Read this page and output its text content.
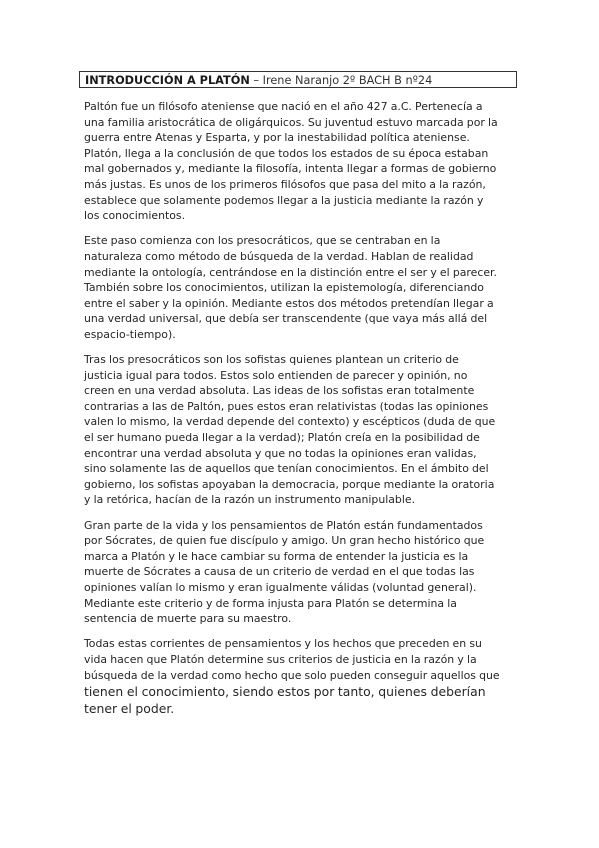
INTRODUCCIÓN A PLATÓN – Irene Naranjo 2º BACH B nº24

Paltón fue un filósofo ateniense que nació en el año 427 a.C. Pertenecía a
una familia aristocrática de oligárquicos. Su juventud estuvo marcada por la
guerra entre Atenas y Esparta, y por la inestabilidad política ateniense.
Platón, llega a la conclusión de que todos los estados de su época estaban
mal gobernados y, mediante la filosofía, intenta llegar a formas de gobierno
más justas. Es unos de los primeros filósofos que pasa del mito a la razón,
establece que solamente podemos llegar a la justicia mediante la razón y
los conocimientos.

Este paso comienza con los presocráticos, que se centraban en la
naturaleza como método de búsqueda de la verdad. Hablan de realidad
mediante la ontología, centrándose en la distinción entre el ser y el parecer.
También sobre los conocimientos, utilizan la epistemología, diferenciando
entre el saber y la opinión. Mediante estos dos métodos pretendían llegar a
una verdad universal, que debía ser transcendente (que vaya más allá del
espacio-tiempo).

Tras los presocráticos son los sofistas quienes plantean un criterio de
justicia igual para todos. Estos solo entienden de parecer y opinión, no
creen en una verdad absoluta. Las ideas de los sofistas eran totalmente
contrarias a las de Paltón, pues estos eran relativistas (todas las opiniones
valen lo mismo, la verdad depende del contexto) y escépticos (duda de que
el ser humano pueda llegar a la verdad); Platón creía en la posibilidad de
encontrar una verdad absoluta y que no todas la opiniones eran validas,
sino solamente las de aquellos que tenían conocimientos. En el ámbito del
gobierno, los sofistas apoyaban la democracia, porque mediante la oratoria
y la retórica, hacían de la razón un instrumento manipulable.

Gran parte de la vida y los pensamientos de Platón están fundamentados
por Sócrates, de quien fue discípulo y amigo. Un gran hecho histórico que
marca a Platón y le hace cambiar su forma de entender la justicia es la
muerte de Sócrates a causa de un criterio de verdad en el que todas las
opiniones valían lo mismo y eran igualmente válidas (voluntad general).
Mediante este criterio y de forma injusta para Platón se determina la
sentencia de muerte para su maestro.

Todas estas corrientes de pensamientos y los hechos que preceden en su
vida hacen que Platón determine sus criterios de justicia en la razón y la
búsqueda de la verdad como hecho que solo pueden conseguir aquellos que
tienen el conocimiento, siendo estos por tanto, quienes deberían
tener el poder.
